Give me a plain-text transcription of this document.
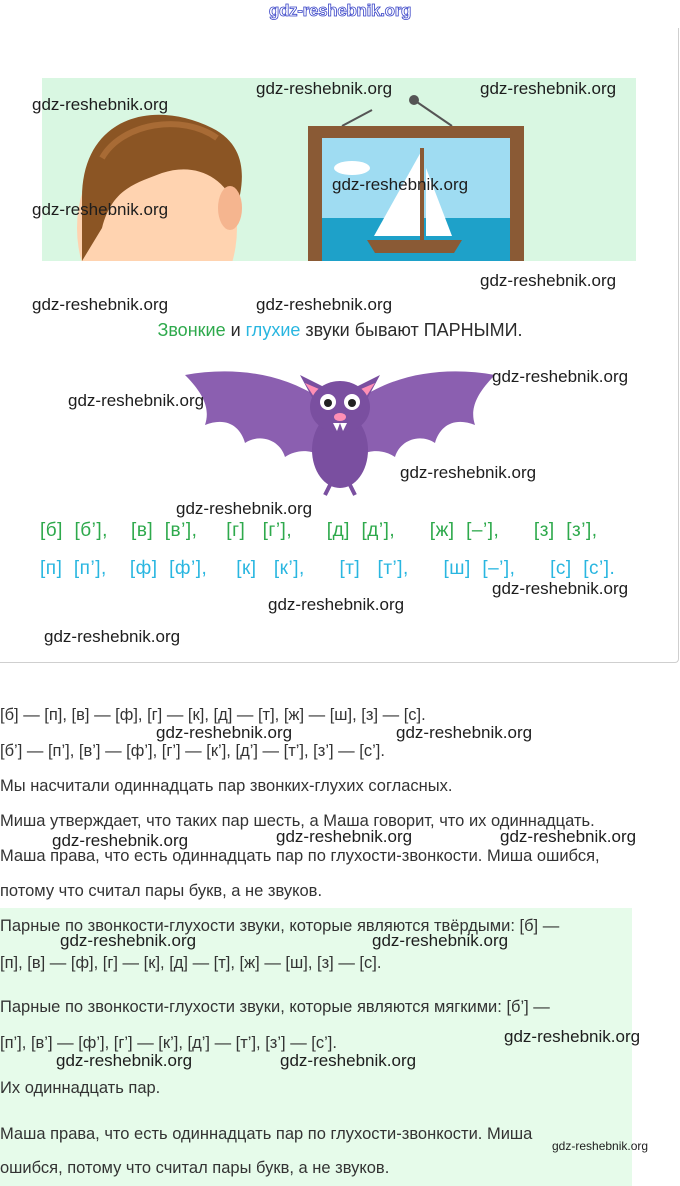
gdz-reshebnik.org
Звонкие и глухие звуки бывают ПАРНЫМИ.
[б]  [б’],    [в]  [в’],     [г]   [г’],      [д]  [д’],      [ж]  [–’],      [з]  [з’],
[п]  [п’],    [ф]  [ф’],     [к]   [к’],      [т]   [т’],      [ш]  [–’],      [с]  [с’].
gdz-reshebnik.org
gdz-reshebnik.org	gdz-reshebnik.org
gdz-reshebnik.org
gdz-reshebnik.org
gdz-reshebnik.org
gdz-reshebnik.org	gdz-reshebnik.org
gdz-reshebnik.org
gdz-reshebnik.org
gdz-reshebnik.org
gdz-reshebnik.org
gdz-reshebnik.org
gdz-reshebnik.org
gdz-reshebnik.org
[б] — [п], [в] — [ф], [г] — [к], [д] — [т], [ж] — [ш], [з] — [с].
[б’] — [п’], [в’] — [ф’], [г’] — [к’], [д’] — [т’], [з’] — [с’].
Мы насчитали одиннадцать пар звонких-глухих согласных.
Миша утверждает, что таких пар шесть, а Маша говорит, что их одиннадцать.
Маша права, что есть одиннадцать пар по глухости-звонкости. Миша ошибся,
потому что считал пары букв, а не звуков.
gdz-reshebnik.org	gdz-reshebnik.org
gdz-reshebnik.org	gdz-reshebnik.org	gdz-reshebnik.org
Парные по звонкости-глухости звуки, которые являются твёрдыми: [б] —
[п], [в] — [ф], [г] — [к], [д] — [т], [ж] — [ш], [з] — [с].
Парные по звонкости-глухости звуки, которые являются мягкими: [б’] —
[п’], [в’] — [ф’], [г’] — [к’], [д’] — [т’], [з’] — [с’].
Их одиннадцать пар.
Маша права, что есть одиннадцать пар по глухости-звонкости. Миша
ошибся, потому что считал пары букв, а не звуков.
gdz-reshebnik.org	gdz-reshebnik.org
gdz-reshebnik.org
gdz-reshebnik.org	gdz-reshebnik.org
gdz-reshebnik.org
